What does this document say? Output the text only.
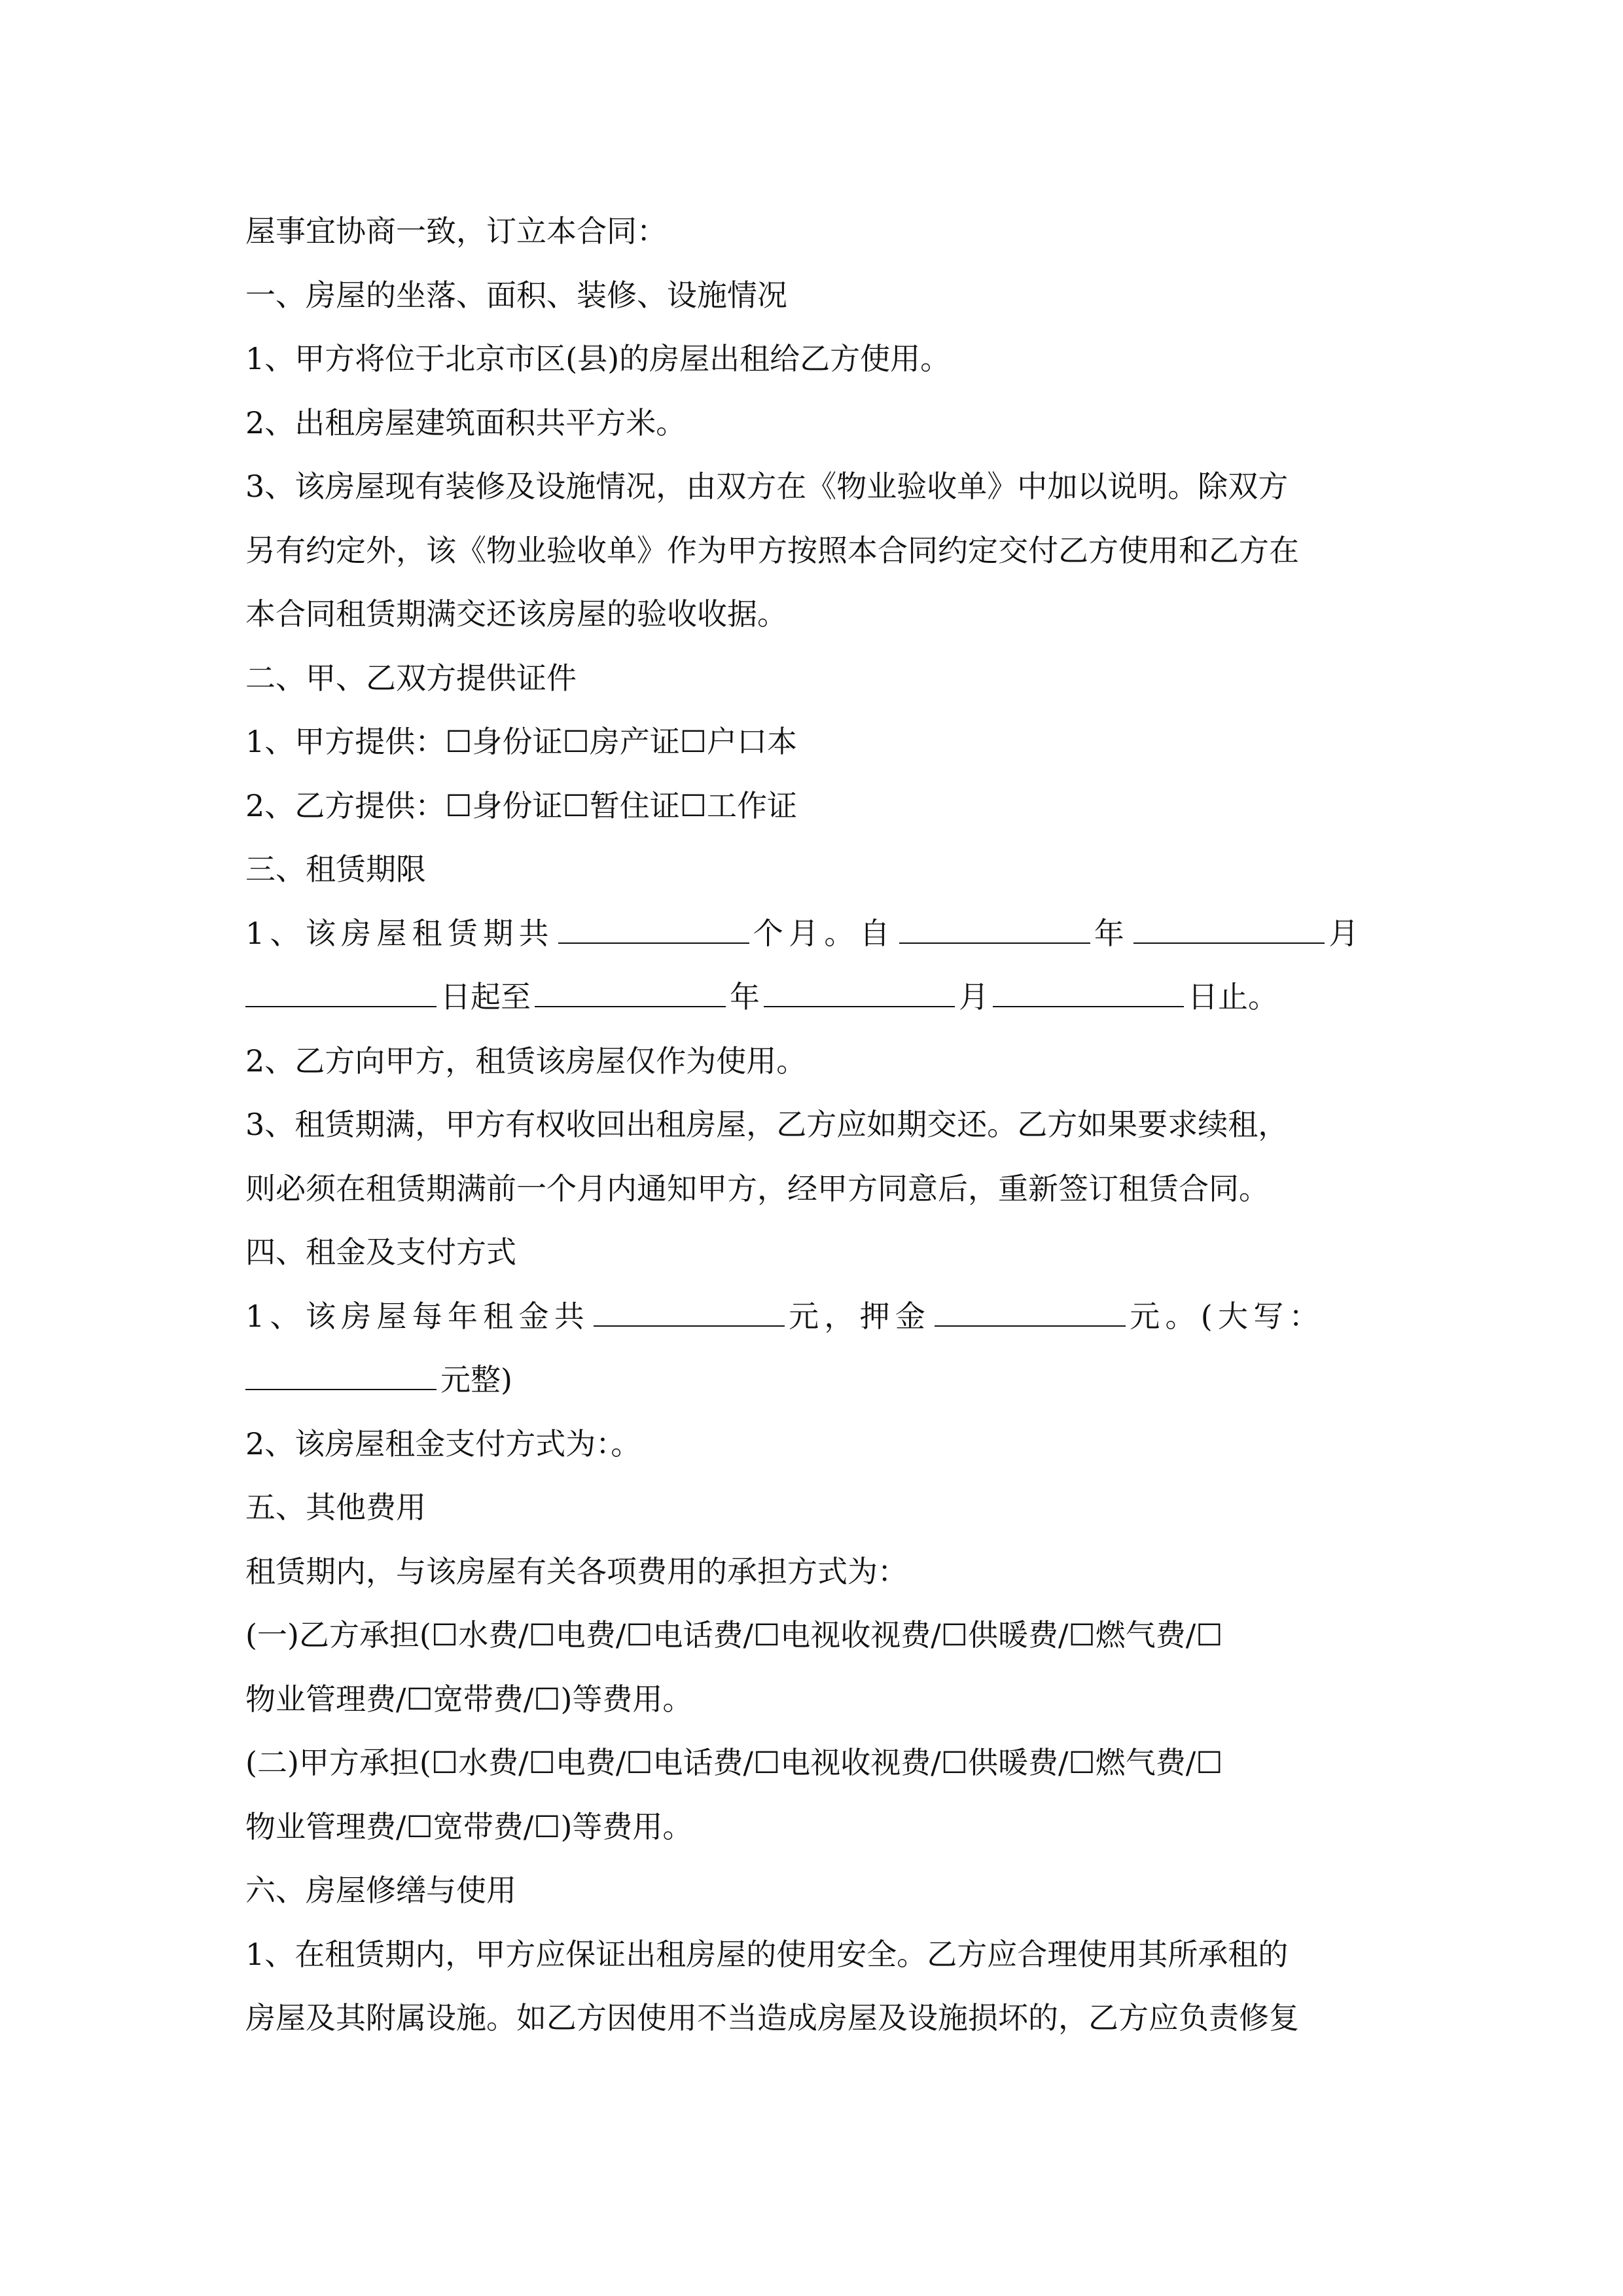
屋事宜协商一致，订立本合同：
一、房屋的坐落、面积、装修、设施情况
1、甲方将位于北京市区(县)的房屋出租给乙方使用。
2、出租房屋建筑面积共平方米。
3、该房屋现有装修及设施情况，由双方在《物业验收单》中加以说明。除双方
另有约定外，该《物业验收单》作为甲方按照本合同约定交付乙方使用和乙方在
本合同租赁期满交还该房屋的验收收据。
二、甲、乙双方提供证件
1、甲方提供：☐身份证☐房产证☐户口本
2、乙方提供：☐身份证☐暂住证☐工作证
三、租赁期限
1、该房屋租赁期共	个月。自	年	月
日起至	年	月	日止。
2、乙方向甲方，租赁该房屋仅作为使用。
3、租赁期满，甲方有权收回出租房屋，乙方应如期交还。乙方如果要求续租，
则必须在租赁期满前一个月内通知甲方，经甲方同意后，重新签订租赁合同。
四、租金及支付方式
1、该房屋每年租金共	元，押金	元。(大写：
元整)
2、该房屋租金支付方式为：。
五、其他费用
租赁期内，与该房屋有关各项费用的承担方式为：
(一)乙方承担(☐水费/☐电费/☐电话费/☐电视收视费/☐供暖费/☐燃气费/☐
物业管理费/☐宽带费/☐)等费用。
(二)甲方承担(☐水费/☐电费/☐电话费/☐电视收视费/☐供暖费/☐燃气费/☐
物业管理费/☐宽带费/☐)等费用。
六、房屋修缮与使用
1、在租赁期内，甲方应保证出租房屋的使用安全。乙方应合理使用其所承租的
房屋及其附属设施。如乙方因使用不当造成房屋及设施损坏的，乙方应负责修复
